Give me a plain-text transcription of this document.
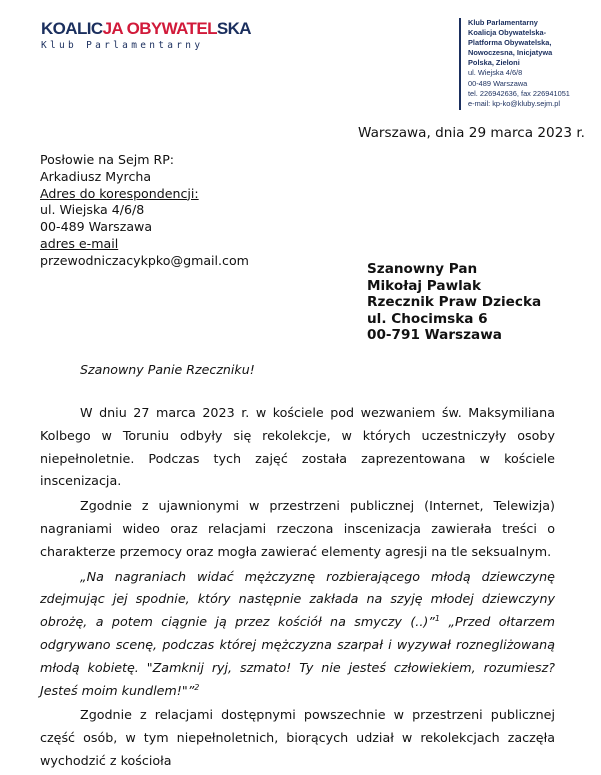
KOALICJA OBYWATELSKA
Klub Parlamentarny
Klub Parlamentarny
Koalicja Obywatelska-
Platforma Obywatelska,
Nowoczesna, Inicjatywa
Polska, Zieloni
ul. Wiejska 4/6/8
00-489 Warszawa
tel. 226942636, fax 226941051
e-mail: kp-ko@kluby.sejm.pl
Warszawa, dnia 29 marca 2023 r.
Posłowie na Sejm RP:
Arkadiusz Myrcha
Adres do korespondencji:
ul. Wiejska 4/6/8
00-489 Warszawa
adres e-mail
przewodniczacykpko@gmail.com
Szanowny Pan
Mikołaj Pawlak
Rzecznik Praw Dziecka
ul. Chocimska 6
00-791 Warszawa
Szanowny Panie Rzeczniku!

W dniu 27 marca 2023 r. w kościele pod wezwaniem św. Maksymiliana Kolbego w Toruniu odbyły się rekolekcje, w których uczestniczyły osoby niepełnoletnie. Podczas tych zajęć została zaprezentowana w kościele inscenizacja.

Zgodnie z ujawnionymi w przestrzeni publicznej (Internet, Telewizja) nagraniami wideo oraz relacjami rzeczona inscenizacja zawierała treści o charakterze przemocy oraz mogła zawierać elementy agresji na tle seksualnym.

„Na nagraniach widać mężczyznę rozbierającego młodą dziewczynę zdejmując jej spodnie, który następnie zakłada na szyję młodej dziewczyny obrożę, a potem ciągnie ją przez kościół na smyczy (..)”$^1$ „Przed ołtarzem odgrywano scenę, podczas której mężczyzna szarpał i wyzywał roznegliżowaną młodą kobietę. "Zamknij ryj, szmato! Ty nie jesteś człowiekiem, rozumiesz? Jesteś moim kundlem!"”$^2$

Zgodnie z relacjami dostępnymi powszechnie w przestrzeni publicznej część osób, w tym niepełnoletnich, biorących udział w rekolekcjach zaczęła wychodzić z kościoła
